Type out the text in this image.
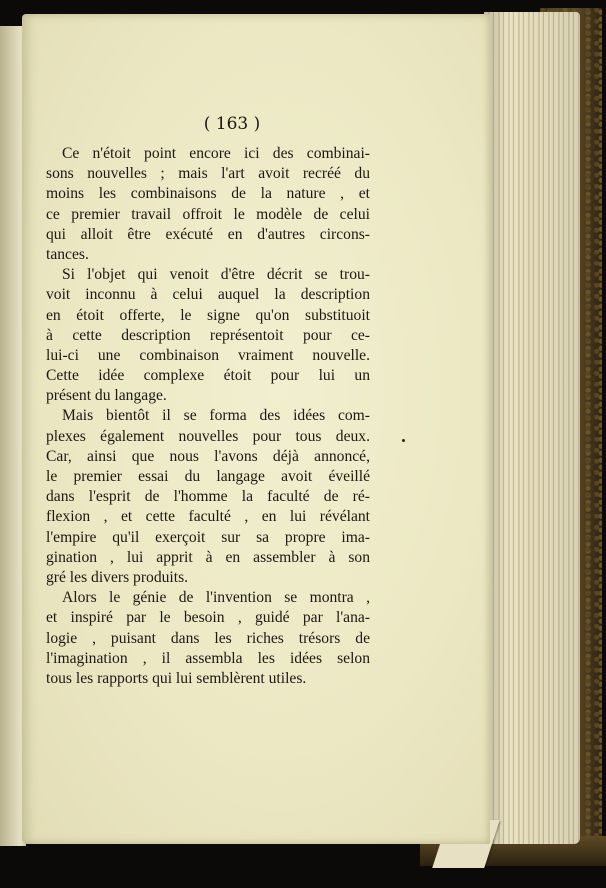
( 163 )
Ce n'étoit point encore ici des combinai-
sons nouvelles ; mais l'art avoit recréé du
moins les combinaisons de la nature , et
ce premier travail offroit le modèle de celui
qui alloit être exécuté en d'autres circons-
tances.
Si l'objet qui venoit d'être décrit se trou-
voit inconnu à celui auquel la description
en étoit offerte, le signe qu'on substituoit
à cette description représentoit pour ce-
lui-ci une combinaison vraiment nouvelle.
Cette idée complexe étoit pour lui un
présent du langage.
Mais bientôt il se forma des idées com-
plexes également nouvelles pour tous deux.
Car, ainsi que nous l'avons déjà annoncé,
le premier essai du langage avoit éveillé
dans l'esprit de l'homme la faculté de ré-
flexion , et cette faculté , en lui révélant
l'empire qu'il exerçoit sur sa propre ima-
gination , lui apprit à en assembler à son
gré les divers produits.
Alors le génie de l'invention se montra ,
et inspiré par le besoin , guidé par l'ana-
logie , puisant dans les riches trésors de
l'imagination , il assembla les idées selon
tous les rapports qui lui semblèrent utiles.
